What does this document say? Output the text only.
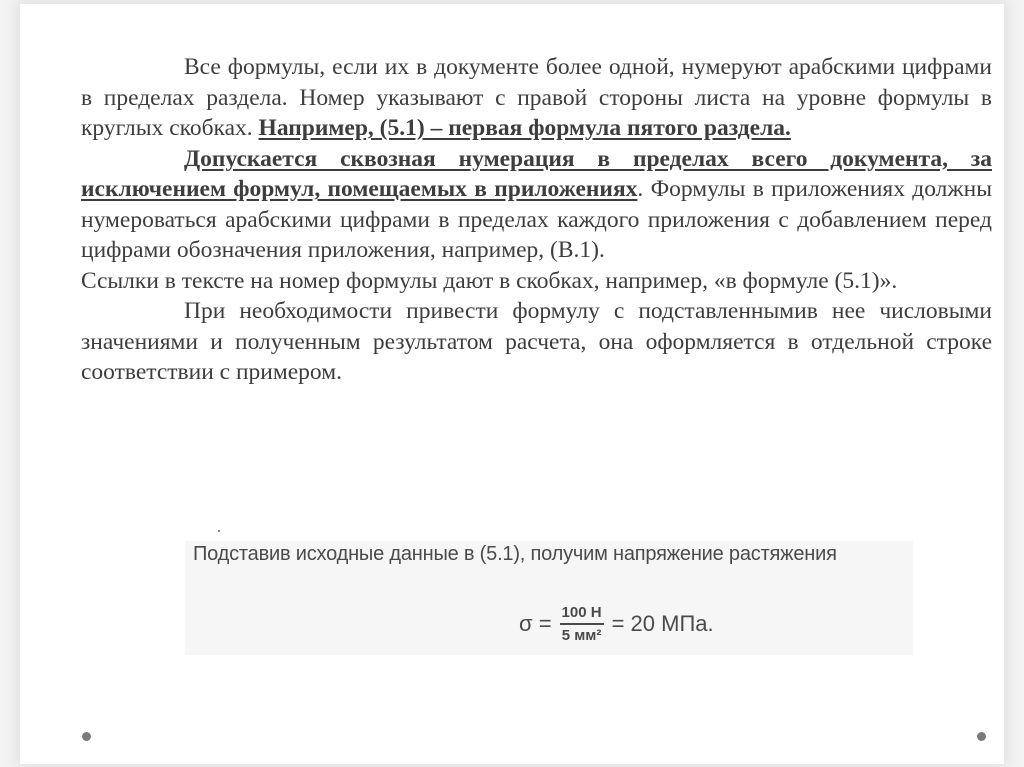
Все формулы, если их в документе более одной, нумеруют арабскими цифрами в пределах раздела. Номер указывают с правой стороны листа на уровне формулы в круглых скобках. Например, (5.1) – первая формула пятого раздела.

Допускается сквозная нумерация в пределах всего документа, за исключением формул, помещаемых в приложениях. Формулы в приложениях должны нумероваться арабскими цифрами в пределах каждого приложения с добавлением перед цифрами обозначения приложения, например, (В.1).

Ссылки в тексте на номер формулы дают в скобках, например, «в формуле (5.1)».

При необходимости привести формулу с подставленнымив нее числовыми значениями и полученным результатом расчета, она оформляется в отдельной строке соответствии с примером.

·
Подставив исходные данные в (5.1), получим напряжение растяжения
$\sigma = \frac{100 Н}{\text{5 мм²}} = 20$ МПа.
